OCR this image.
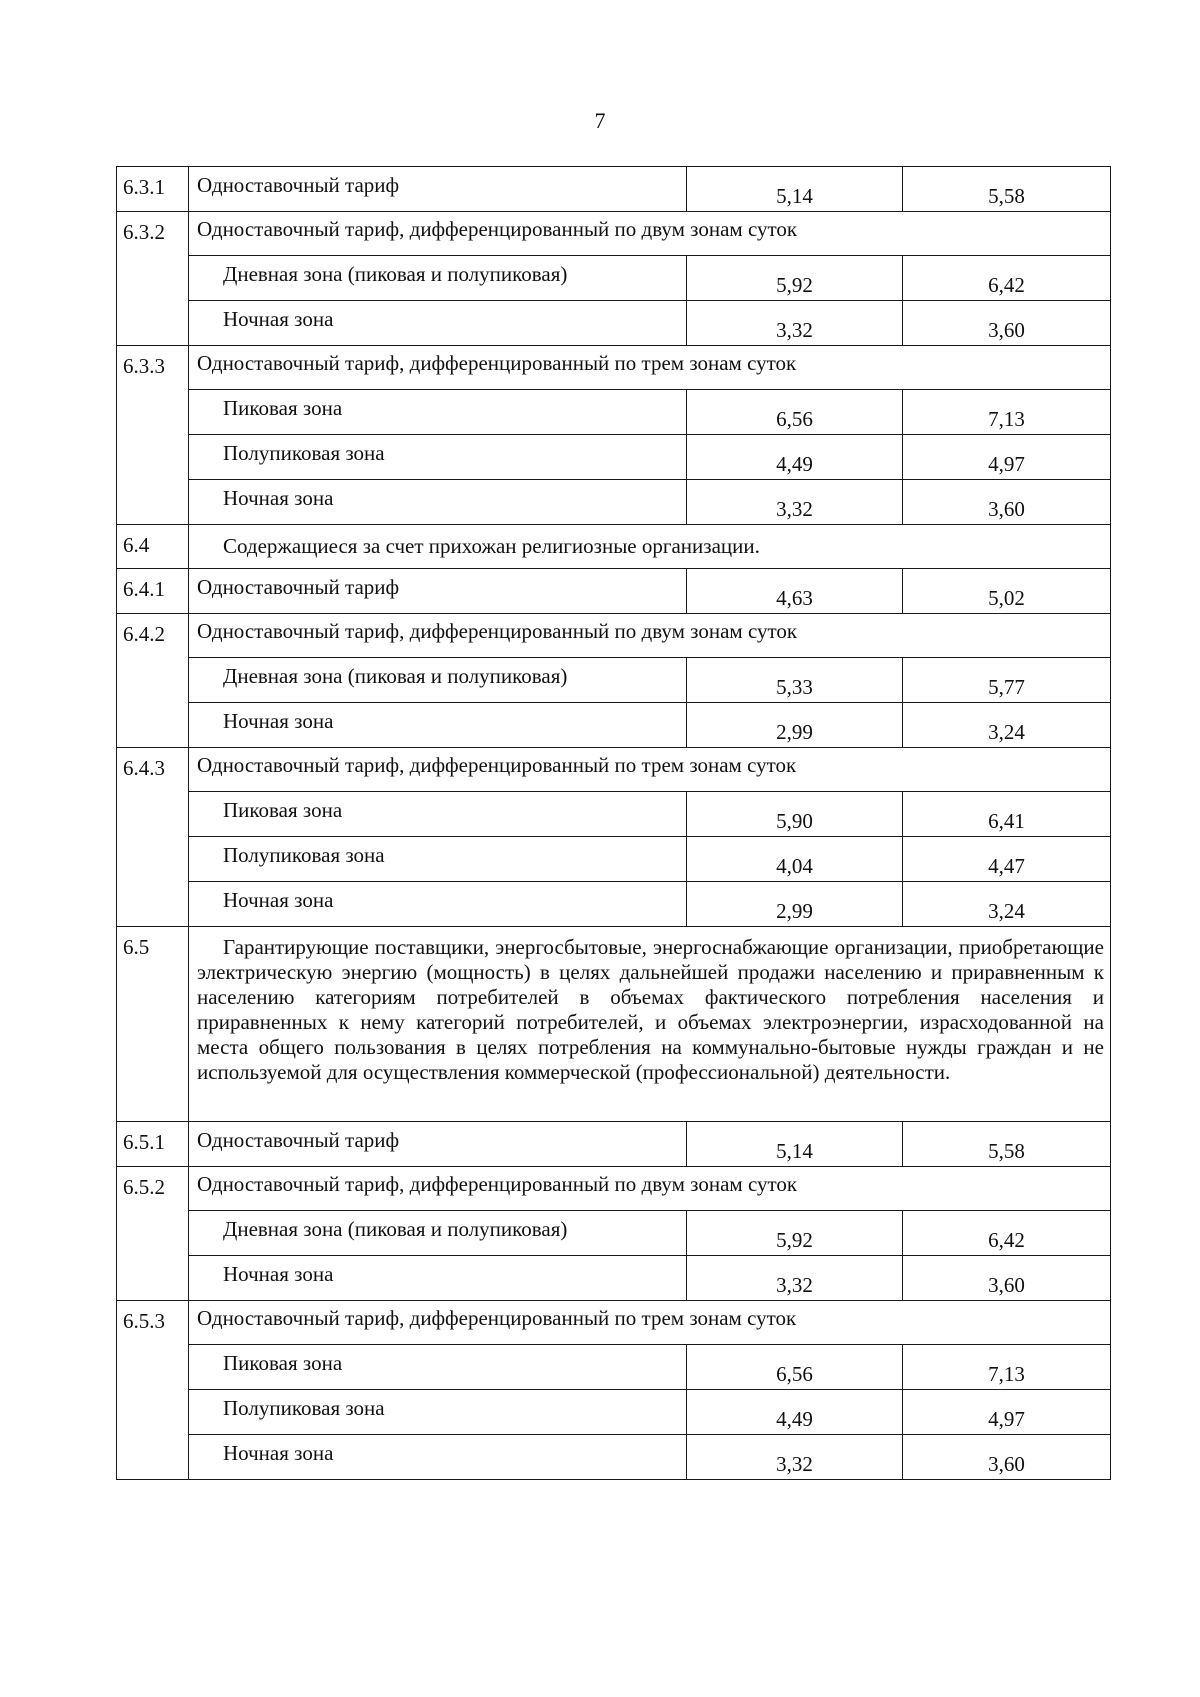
7
6.3.1	Одноставочный тариф	5,14	5,58
6.3.2	Одноставочный тариф, дифференцированный по двум зонам суток		
	Дневная зона (пиковая и полупиковая)	5,92	6,42
	Ночная зона	3,32	3,60
6.3.3	Одноставочный тариф, дифференцированный по трем зонам суток		
	Пиковая зона	6,56	7,13
	Полупиковая зона	4,49	4,97
	Ночная зона	3,32	3,60
6.4	Содержащиеся за счет прихожан религиозные организации.		
6.4.1	Одноставочный тариф	4,63	5,02
6.4.2	Одноставочный тариф, дифференцированный по двум зонам суток		
	Дневная зона (пиковая и полупиковая)	5,33	5,77
	Ночная зона	2,99	3,24
6.4.3	Одноставочный тариф, дифференцированный по трем зонам суток		
	Пиковая зона	5,90	6,41
	Полупиковая зона	4,04	4,47
	Ночная зона	2,99	3,24
6.5	Гарантирующие поставщики, энергосбытовые, энергоснабжающие организации, приобретающие электрическую энергию (мощность) в целях дальнейшей продажи населению и приравненным к населению категориям потребителей в объемах фактического потребления населения и приравненных к нему категорий потребителей, и объемах электроэнергии, израсходованной на места общего пользования в целях потребления на коммунально-бытовые нужды граждан и не используемой для осуществления коммерческой (профессиональной) деятельности.		
6.5.1	Одноставочный тариф	5,14	5,58
6.5.2	Одноставочный тариф, дифференцированный по двум зонам суток		
	Дневная зона (пиковая и полупиковая)	5,92	6,42
	Ночная зона	3,32	3,60
6.5.3	Одноставочный тариф, дифференцированный по трем зонам суток		
	Пиковая зона	6,56	7,13
	Полупиковая зона	4,49	4,97
	Ночная зона	3,32	3,60
